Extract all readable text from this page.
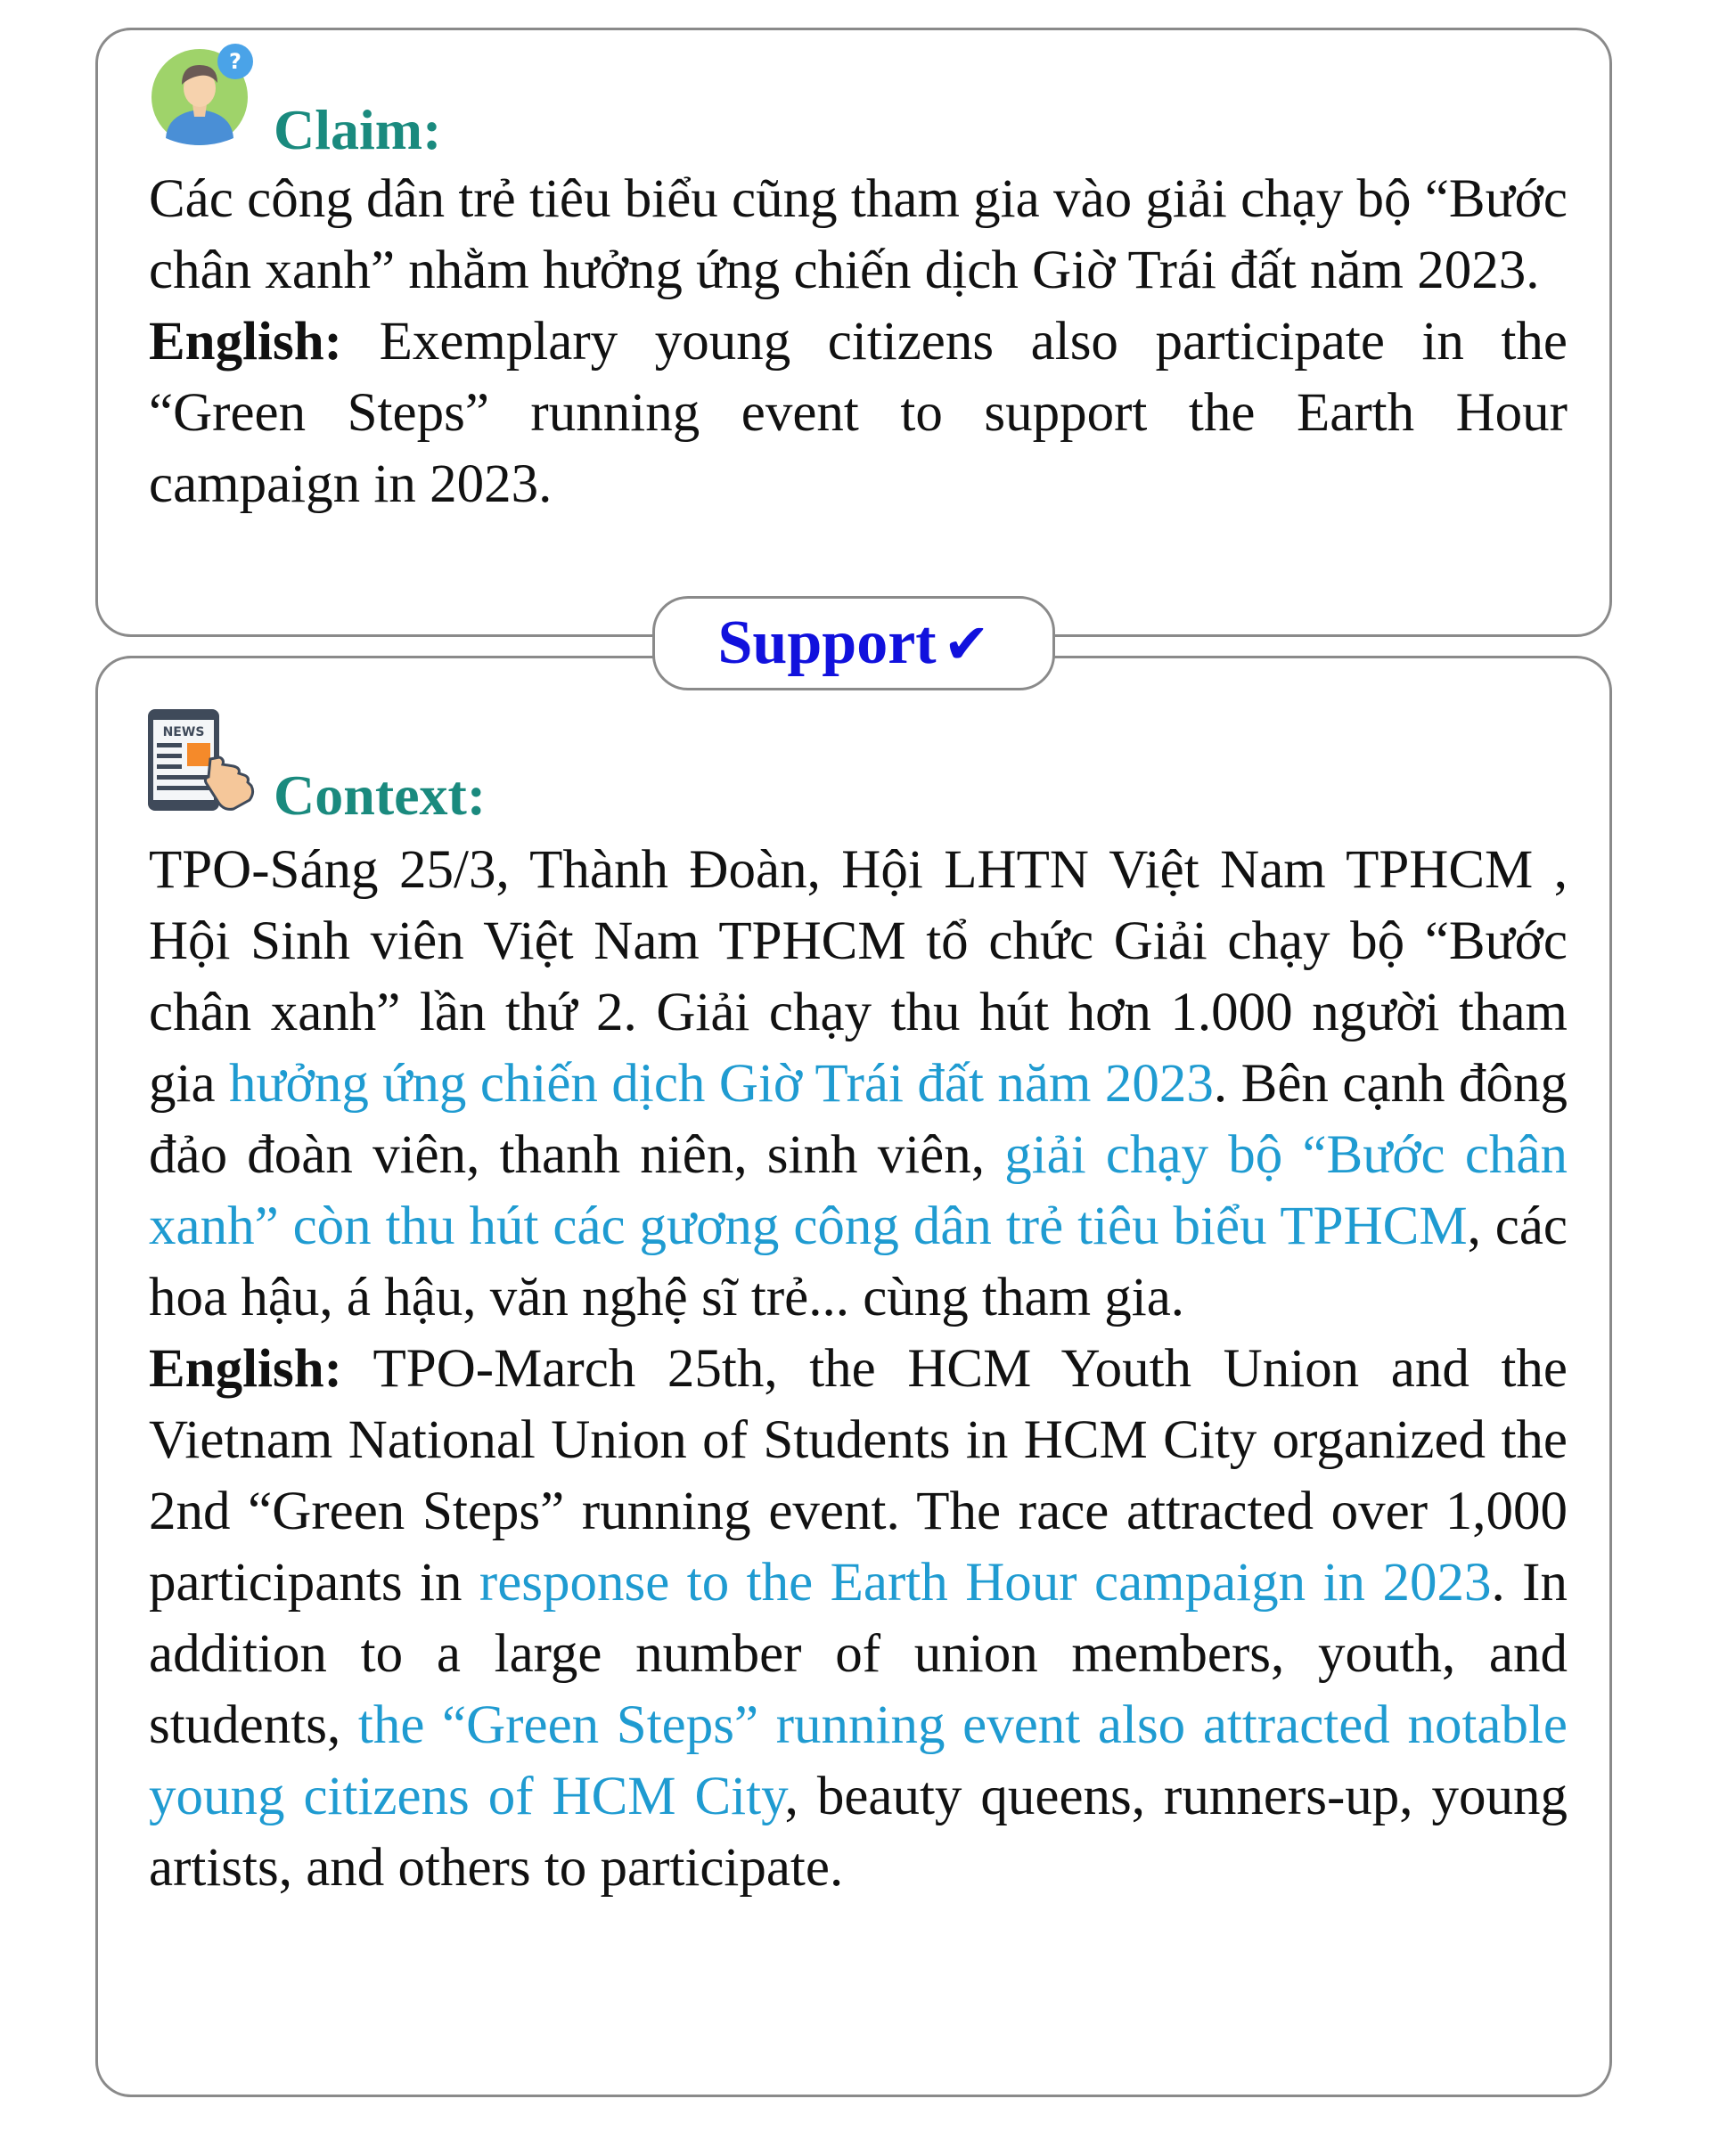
?
Claim:

Các công dân trẻ tiêu biểu cũng tham gia vào giải chạy bộ “Bước chân xanh” nhằm hưởng ứng chiến dịch Giờ Trái đất năm 2023.

English: Exemplary young citizens also participate in the “Green Steps” running event to support the Earth Hour campaign in 2023.

NEWS
Context:

TPO-Sáng 25/3, Thành Đoàn, Hội LHTN Việt Nam TPHCM , Hội Sinh viên Việt Nam TPHCM tổ chức Giải chạy bộ “Bước chân xanh” lần thứ 2. Giải chạy thu hút hơn 1.000 người tham gia hưởng ứng chiến dịch Giờ Trái đất năm 2023. Bên cạnh đông đảo đoàn viên, thanh niên, sinh viên, giải chạy bộ “Bước chân xanh” còn thu hút các gương công dân trẻ tiêu biểu TPHCM, các hoa hậu, á hậu, văn nghệ sĩ trẻ... cùng tham gia.

English: TPO-March 25th, the HCM Youth Union and the Vietnam National Union of Students in HCM City organized the 2nd “Green Steps” running event. The race attracted over 1,000 participants in response to the Earth Hour campaign in 2023. In addition to a large number of union members, youth, and students, the “Green Steps” running event also attracted notable young citizens of HCM City, beauty queens, runners-up, young artists, and others to participate.

Support ✔
